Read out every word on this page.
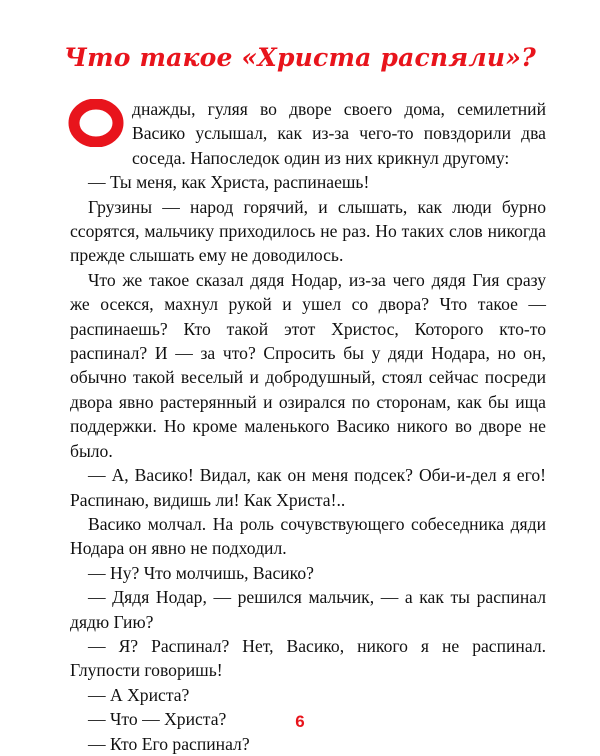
Что такое «Христа распяли»?

днажды, гуляя во дворе своего дома, семилетний Васико услышал, как из-за чего-то повздорили два соседа. Напоследок один из них крикнул другому:

— Ты меня, как Христа, распинаешь!

Грузины — народ горячий, и слышать, как люди бурно ссорятся, мальчику приходилось не раз. Но таких слов никогда прежде слышать ему не доводилось.

Что же такое сказал дядя Нодар, из-за чего дядя Гия сразу же осекся, махнул рукой и ушел со двора? Что такое — распинаешь? Кто такой этот Христос, Которого кто-то распинал? И — за что? Спросить бы у дяди Нодара, но он, обычно такой веселый и добродушный, стоял сейчас посреди двора явно растерянный и озирался по сторонам, как бы ища поддержки. Но кроме маленького Васико никого во дворе не было.

— А, Васико! Видал, как он меня подсек? Оби-и-дел я его! Распинаю, видишь ли! Как Христа!..

Васико молчал. На роль сочувствующего собеседника дяди Нодара он явно не подходил.

— Ну? Что молчишь, Васико?

— Дядя Нодар, — решился мальчик, — а как ты распинал дядю Гию?

— Я? Распинал? Нет, Васико, никого я не распинал. Глупости говоришь!

— А Христа?

— Что — Христа?

— Кто Его распинал?

6
